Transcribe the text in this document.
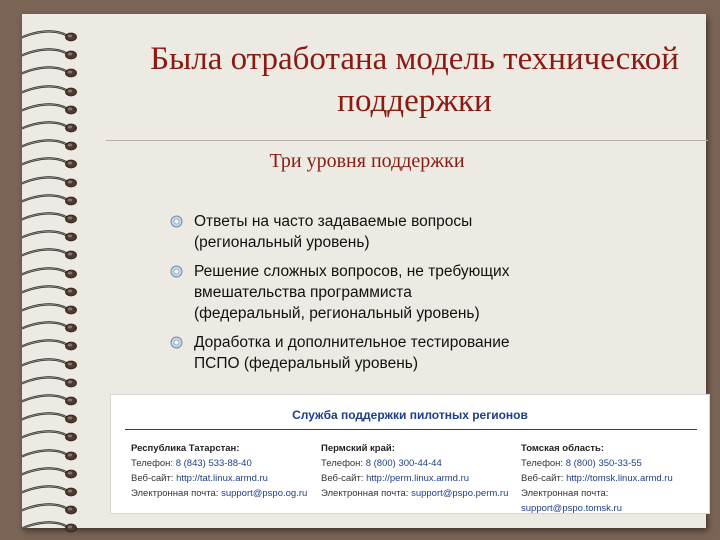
Была отработана модель технической поддержки
Три уровня поддержки
Ответы на часто задаваемые вопросы
(региональный уровень)
Решение сложных вопросов, не требующих
вмешательства программиста
(федеральный, региональный уровень)
Доработка и дополнительное тестирование
ПСПО (федеральный уровень)
Служба поддержки пилотных регионов
Республика Татарстан:
Телефон: 8 (843) 533-88-40
Веб-сайт: http://tat.linux.armd.ru
Электронная почта: support@pspo.og.ru
Пермский край:
Телефон: 8 (800) 300-44-44
Веб-сайт: http://perm.linux.armd.ru
Электронная почта: support@pspo.perm.ru
Томская область:
Телефон: 8 (800) 350-33-55
Веб-сайт: http://tomsk.linux.armd.ru
Электронная почта: support@pspo.tomsk.ru
